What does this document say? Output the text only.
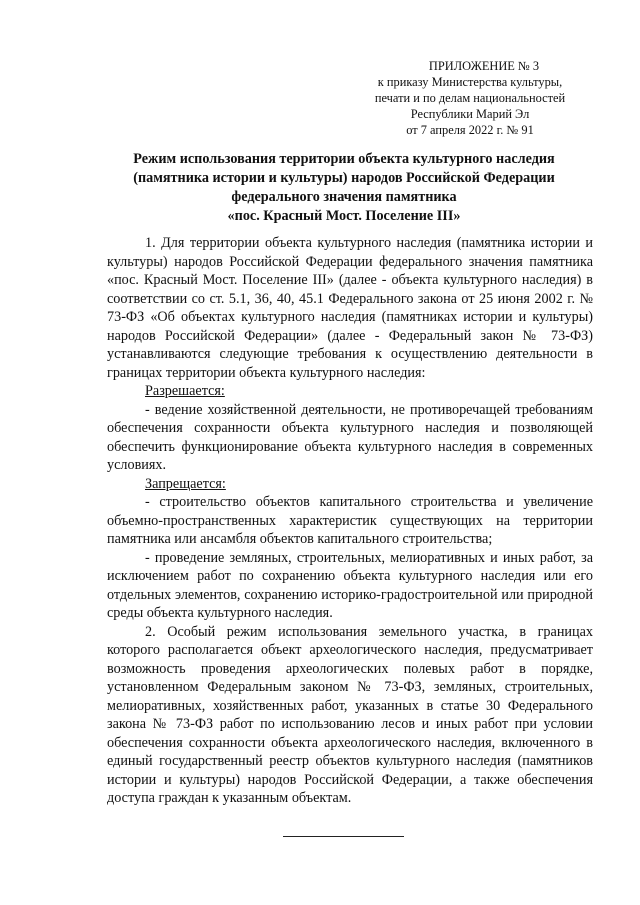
ПРИЛОЖЕНИЕ № 3
к приказу Министерства культуры,
печати и по делам национальностей
Республики Марий Эл
от 7 апреля 2022 г. № 91
Режим использования территории объекта культурного наследия
(памятника истории и культуры) народов Российской Федерации
федерального значения памятника
«пос. Красный Мост. Поселение III»

1. Для территории объекта культурного наследия (памятника истории и культуры) народов Российской Федерации федерального значения памятника «пос. Красный Мост. Поселение III» (далее - объекта культурного наследия) в соответствии со ст. 5.1, 36, 40, 45.1 Федерального закона от 25 июня 2002 г. № 73-ФЗ «Об объектах культурного наследия (памятниках истории и культуры) народов Российской Федерации» (далее - Федеральный закон № 73-ФЗ) устанавливаются следующие требования к осуществлению деятельности в границах территории объекта культурного наследия:

Разрешается:

- ведение хозяйственной деятельности, не противоречащей требованиям обеспечения сохранности объекта культурного наследия и позволяющей обеспечить функционирование объекта культурного наследия в современных условиях.

Запрещается:

- строительство объектов капитального строительства и увеличение объемно-пространственных характеристик существующих на территории памятника или ансамбля объектов капитального строительства;

- проведение земляных, строительных, мелиоративных и иных работ, за исключением работ по сохранению объекта культурного наследия или его отдельных элементов, сохранению историко-градостроительной или природной среды объекта культурного наследия.

2. Особый режим использования земельного участка, в границах которого располагается объект археологического наследия, предусматривает возможность проведения археологических полевых работ в порядке, установленном Федеральным законом № 73-ФЗ, земляных, строительных, мелиоративных, хозяйственных работ, указанных в статье 30 Федерального закона № 73-ФЗ работ по использованию лесов и иных работ при условии обеспечения сохранности объекта археологического наследия, включенного в единый государственный реестр объектов культурного наследия (памятников истории и культуры) народов Российской Федерации, а также обеспечения доступа граждан к указанным объектам.
